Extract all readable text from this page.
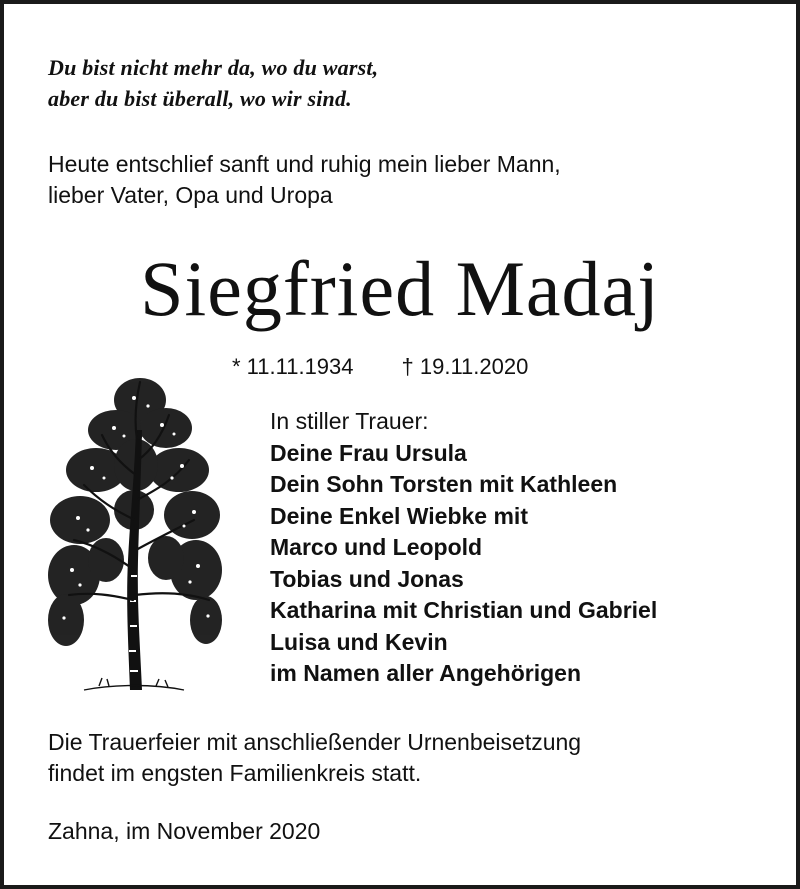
Du bist nicht mehr da, wo du warst,
aber du bist überall, wo wir sind.
Heute entschlief sanft und ruhig mein lieber Mann,
lieber Vater, Opa und Uropa
Siegfried Madaj
* 11.11.1934 † 19.11.2020
In stiller Trauer:
Deine Frau Ursula
Dein Sohn Torsten mit Kathleen
Deine Enkel Wiebke mit
Marco und Leopold
Tobias und Jonas
Katharina mit Christian und Gabriel
Luisa und Kevin
im Namen aller Angehörigen
Die Trauerfeier mit anschließender Urnenbeisetzung
findet im engsten Familienkreis statt.
Zahna, im November 2020
